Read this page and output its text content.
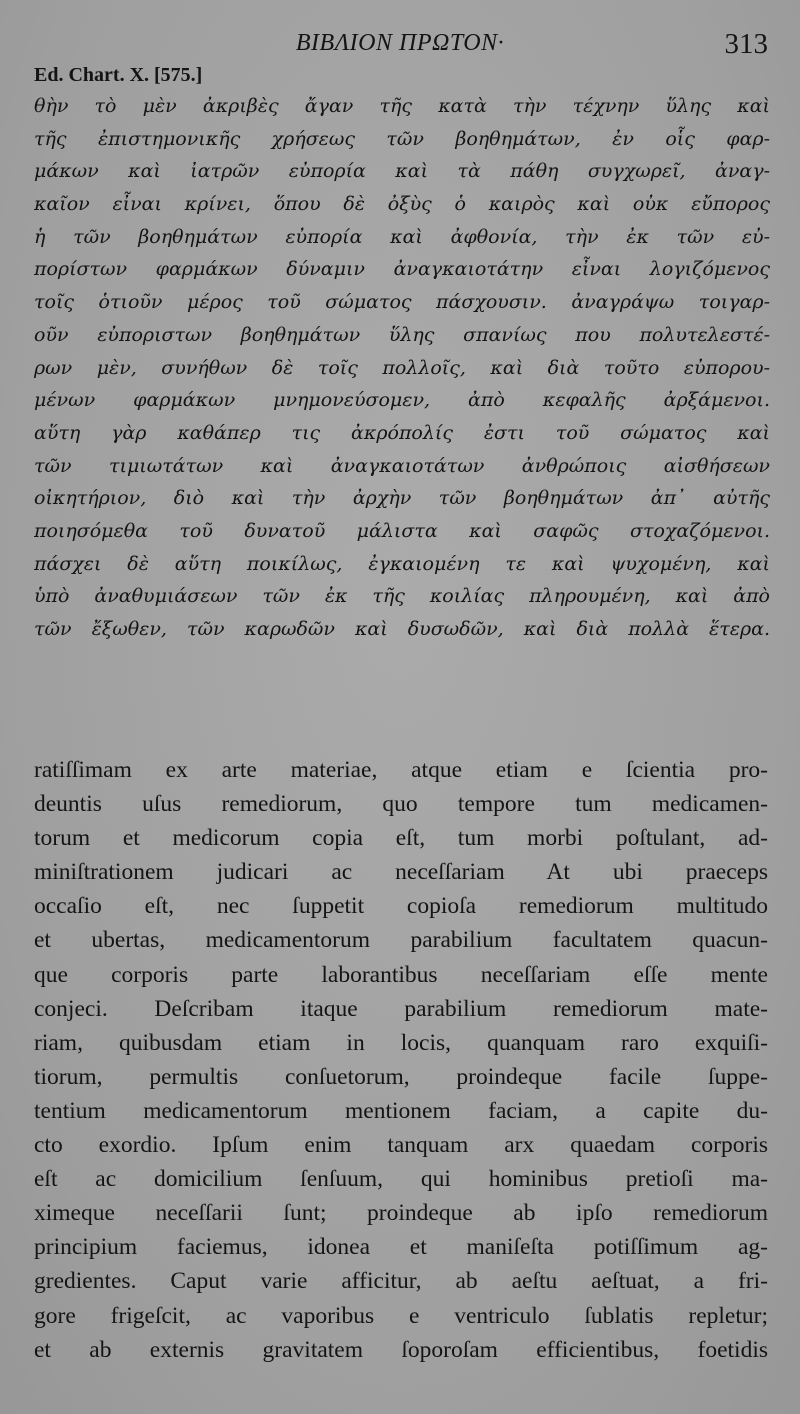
ΒΙΒΛΙΟΝ ΠΡΩΤΟΝ·	313
Ed. Chart. X. [575.]
θὴν τὸ μὲν ἀκριβὲς ἄγαν τῆς κατὰ τὴν τέχνην ὕλης καὶ
τῆς ἐπιστημονικῆς χρήσεως τῶν βοηθημάτων, ἐν οἷς φαρ-
μάκων καὶ ἰατρῶν εὐπορία καὶ τὰ πάθη συγχωρεῖ, ἀναγ-
καῖον εἶναι κρίνει, ὅπου δὲ ὀξὺς ὁ καιρὸς καὶ οὐκ εὔπορος
ἡ τῶν βοηθημάτων εὐπορία καὶ ἀφθονία, τὴν ἐκ τῶν εὐ-
πορίστων φαρμάκων δύναμιν ἀναγκαιοτάτην εἶναι λογιζόμενος
τοῖς ὁτιοῦν μέρος τοῦ σώματος πάσχουσιν. ἀναγράψω τοιγαρ-
οῦν εὐποριστων βοηθημάτων ὕλης σπανίως που πολυτελεστέ-
ρων μὲν, συνήθων δὲ τοῖς πολλοῖς, καὶ διὰ τοῦτο εὐπορου-
μένων φαρμάκων μνημονεύσομεν, ἀπὸ κεφαλῆς ἀρξάμενοι.
αὕτη γὰρ καθάπερ τις ἀκρόπολίς ἐστι τοῦ σώματος καὶ
τῶν τιμιωτάτων καὶ ἀναγκαιοτάτων ἀνθρώποις αἰσθήσεων
οἰκητήριον, διὸ καὶ τὴν ἀρχὴν τῶν βοηθημάτων ἀπ᾽ αὐτῆς
ποιησόμεθα τοῦ δυνατοῦ μάλιστα καὶ σαφῶς στοχαζόμενοι.
πάσχει δὲ αὕτη ποικίλως, ἐγκαιομένη τε καὶ ψυχομένη, καὶ
ὑπὸ ἀναθυμιάσεων τῶν ἐκ τῆς κοιλίας πληρουμένη, καὶ ἀπὸ
τῶν ἔξωθεν, τῶν καρωδῶν καὶ δυσωδῶν, καὶ διὰ πολλὰ ἕτερα.
ratiſſimam ex arte materiae, atque etiam e ſcientia pro-
deuntis uſus remediorum, quo tempore tum medicamen-
torum et medicorum copia eſt, tum morbi poſtulant, ad-
miniſtrationem judicari ac neceſſariam At ubi praeceps
occaſio eſt, nec ſuppetit copioſa remediorum multitudo
et ubertas, medicamentorum parabilium facultatem quacun-
que corporis parte laborantibus neceſſariam eſſe mente
conjeci. Deſcribam itaque parabilium remediorum mate-
riam, quibusdam etiam in locis, quanquam raro exquiſi-
tiorum, permultis conſuetorum, proindeque facile ſuppe-
tentium medicamentorum mentionem faciam, a capite du-
cto exordio. Ipſum enim tanquam arx quaedam corporis
eſt ac domicilium ſenſuum, qui hominibus pretioſi ma-
ximeque neceſſarii ſunt; proindeque ab ipſo remediorum
principium faciemus, idonea et maniſeſta potiſſimum ag-
gredientes. Caput varie afficitur, ab aeſtu aeſtuat, a fri-
gore frigeſcit, ac vaporibus e ventriculo ſublatis repletur;
et ab externis gravitatem ſoporoſam efficientibus, foetidis
